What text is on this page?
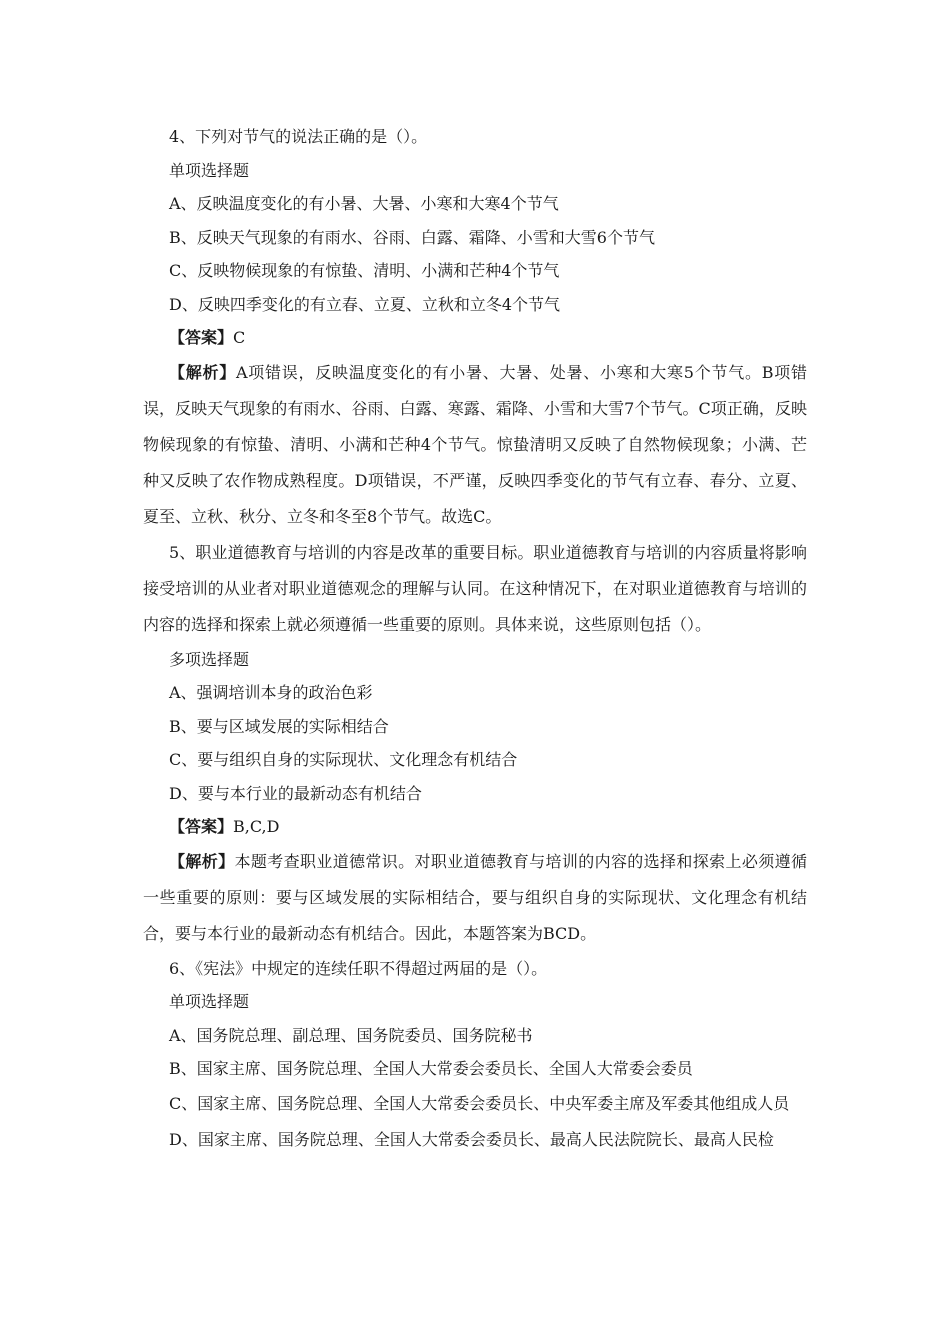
4、下列对节气的说法正确的是（）。

单项选择题

A、反映温度变化的有小暑、大暑、小寒和大寒4个节气

B、反映天气现象的有雨水、谷雨、白露、霜降、小雪和大雪6个节气

C、反映物候现象的有惊蛰、清明、小满和芒种4个节气

D、反映四季变化的有立春、立夏、立秋和立冬4个节气

【答案】C

【解析】A项错误，反映温度变化的有小暑、大暑、处暑、小寒和大寒5个节气。B项错误，反映天气现象的有雨水、谷雨、白露、寒露、霜降、小雪和大雪7个节气。C项正确，反映物候现象的有惊蛰、清明、小满和芒种4个节气。惊蛰清明又反映了自然物候现象；小满、芒种又反映了农作物成熟程度。D项错误，不严谨，反映四季变化的节气有立春、春分、立夏、夏至、立秋、秋分、立冬和冬至8个节气。故选C。

5、职业道德教育与培训的内容是改革的重要目标。职业道德教育与培训的内容质量将影响接受培训的从业者对职业道德观念的理解与认同。在这种情况下，在对职业道德教育与培训的内容的选择和探索上就必须遵循一些重要的原则。具体来说，这些原则包括（）。

多项选择题

A、强调培训本身的政治色彩

B、要与区域发展的实际相结合

C、要与组织自身的实际现状、文化理念有机结合

D、要与本行业的最新动态有机结合

【答案】B,C,D

【解析】本题考查职业道德常识。对职业道德教育与培训的内容的选择和探索上必须遵循一些重要的原则：要与区域发展的实际相结合，要与组织自身的实际现状、文化理念有机结合，要与本行业的最新动态有机结合。因此，本题答案为BCD。

6、《宪法》中规定的连续任职不得超过两届的是（）。

单项选择题

A、国务院总理、副总理、国务院委员、国务院秘书

B、国家主席、国务院总理、全国人大常委会委员长、全国人大常委会委员

C、国家主席、国务院总理、全国人大常委会委员长、中央军委主席及军委其他组成人员

D、国家主席、国务院总理、全国人大常委会委员长、最高人民法院院长、最高人民检
